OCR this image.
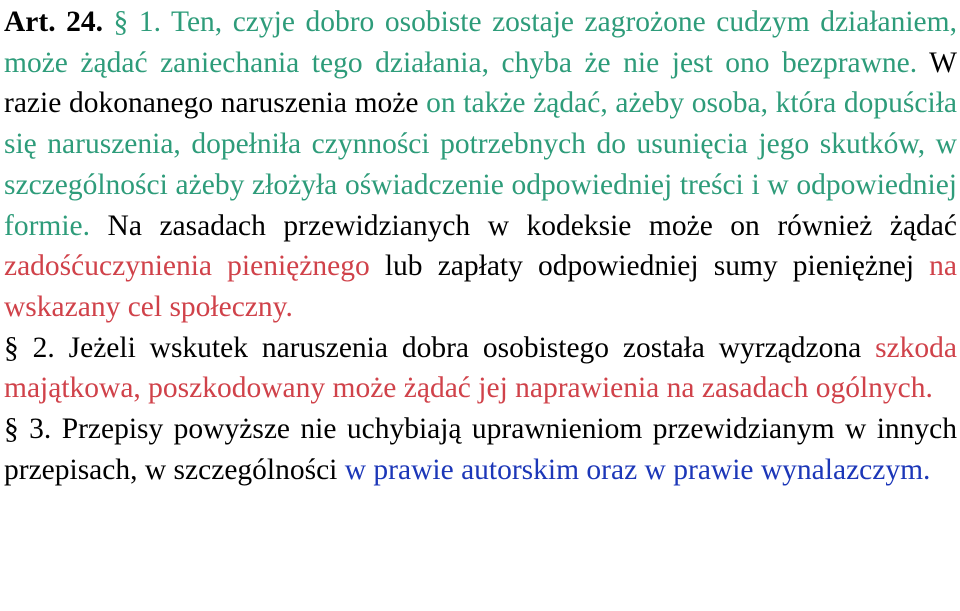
Art. 24. § 1. Ten, czyje dobro osobiste zostaje zagrożone cudzym działaniem, może żądać zaniechania tego działania, chyba że nie jest ono bezprawne. W razie dokonanego naruszenia może on także żądać, ażeby osoba, która dopuściła się naruszenia, dopełniła czynności potrzebnych do usunięcia jego skutków, w szczególności ażeby złożyła oświadczenie odpowiedniej treści i w odpowiedniej formie. Na zasadach przewidzianych w kodeksie może on również żądać zadośćuczynienia pieniężnego lub zapłaty odpowiedniej sumy pieniężnej na wskazany cel społeczny.

§ 2. Jeżeli wskutek naruszenia dobra osobistego została wyrządzona szkoda majątkowa, poszkodowany może żądać jej naprawienia na zasadach ogólnych.

§ 3. Przepisy powyższe nie uchybiają uprawnieniom przewidzianym w innych przepisach, w szczególności w prawie autorskim oraz w prawie wynalazczym.
